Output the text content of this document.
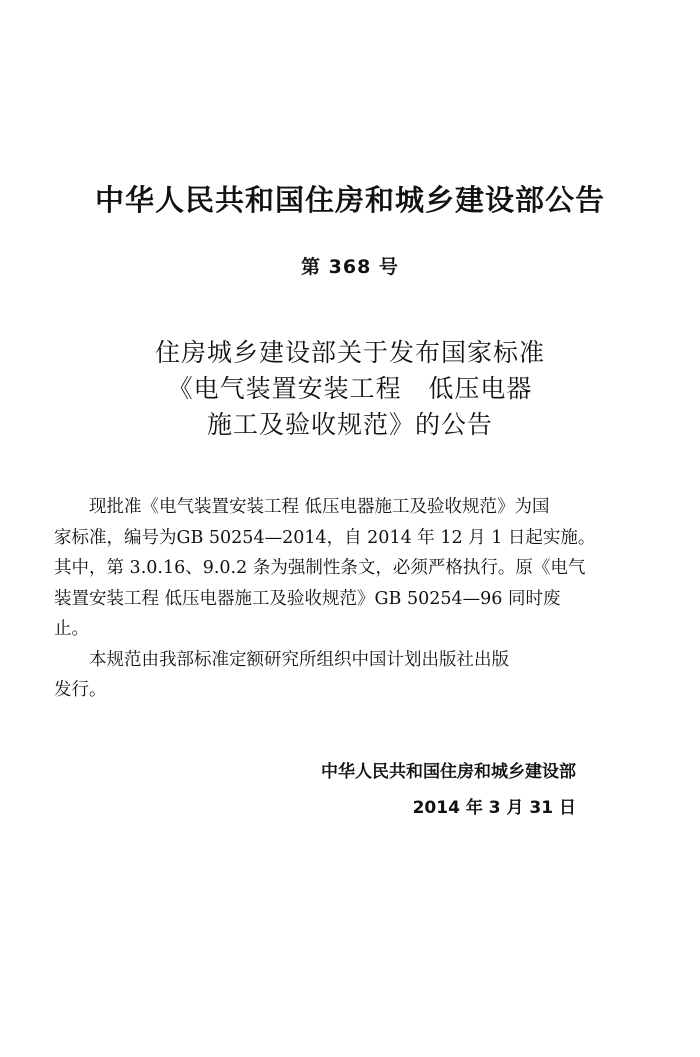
中华人民共和国住房和城乡建设部公告
第 368 号
住房城乡建设部关于发布国家标准
《电气装置安装工程   低压电器
施工及验收规范》的公告

现批准《电气装置安装工程 低压电器施工及验收规范》为国
家标准，编号为GB 50254—2014，自 2014 年 12 月 1 日起实施。
其中，第 3.0.16、9.0.2 条为强制性条文，必须严格执行。原《电气
装置安装工程 低压电器施工及验收规范》GB 50254—96 同时废
止。

本规范由我部标准定额研究所组织中国计划出版社出版
发行。

中华人民共和国住房和城乡建设部
2014 年 3 月 31 日
